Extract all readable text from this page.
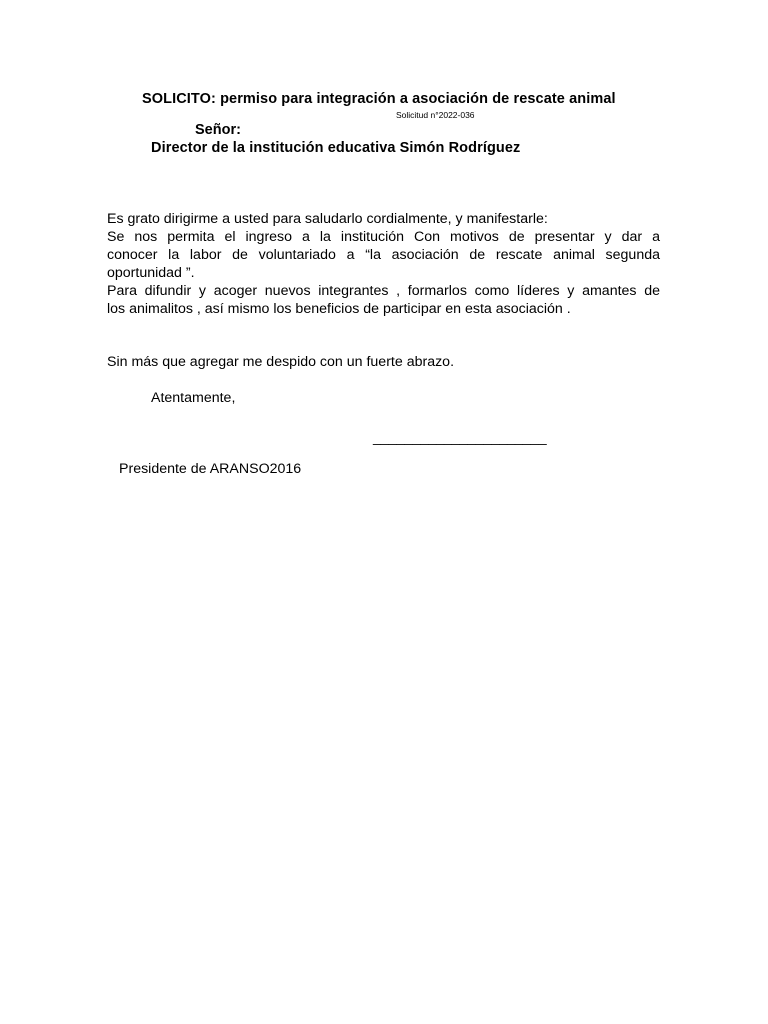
SOLICITO: permiso para integración a asociación de rescate animal
Solicitud n°2022-036
Señor:
Director de la institución educativa Simón Rodríguez
Es grato dirigirme a usted para saludarlo cordialmente, y manifestarle:
Se nos permita el ingreso a la institución Con motivos de presentar y dar a
conocer la labor de voluntariado a “la asociación de rescate animal segunda
oportunidad ”.
Para difundir y acoger nuevos integrantes , formarlos como líderes y amantes de
los animalitos , así mismo los beneficios de participar en esta asociación .
Sin más que agregar me despido con un fuerte abrazo.
Atentamente,
______________________
Presidente de ARANSO2016
